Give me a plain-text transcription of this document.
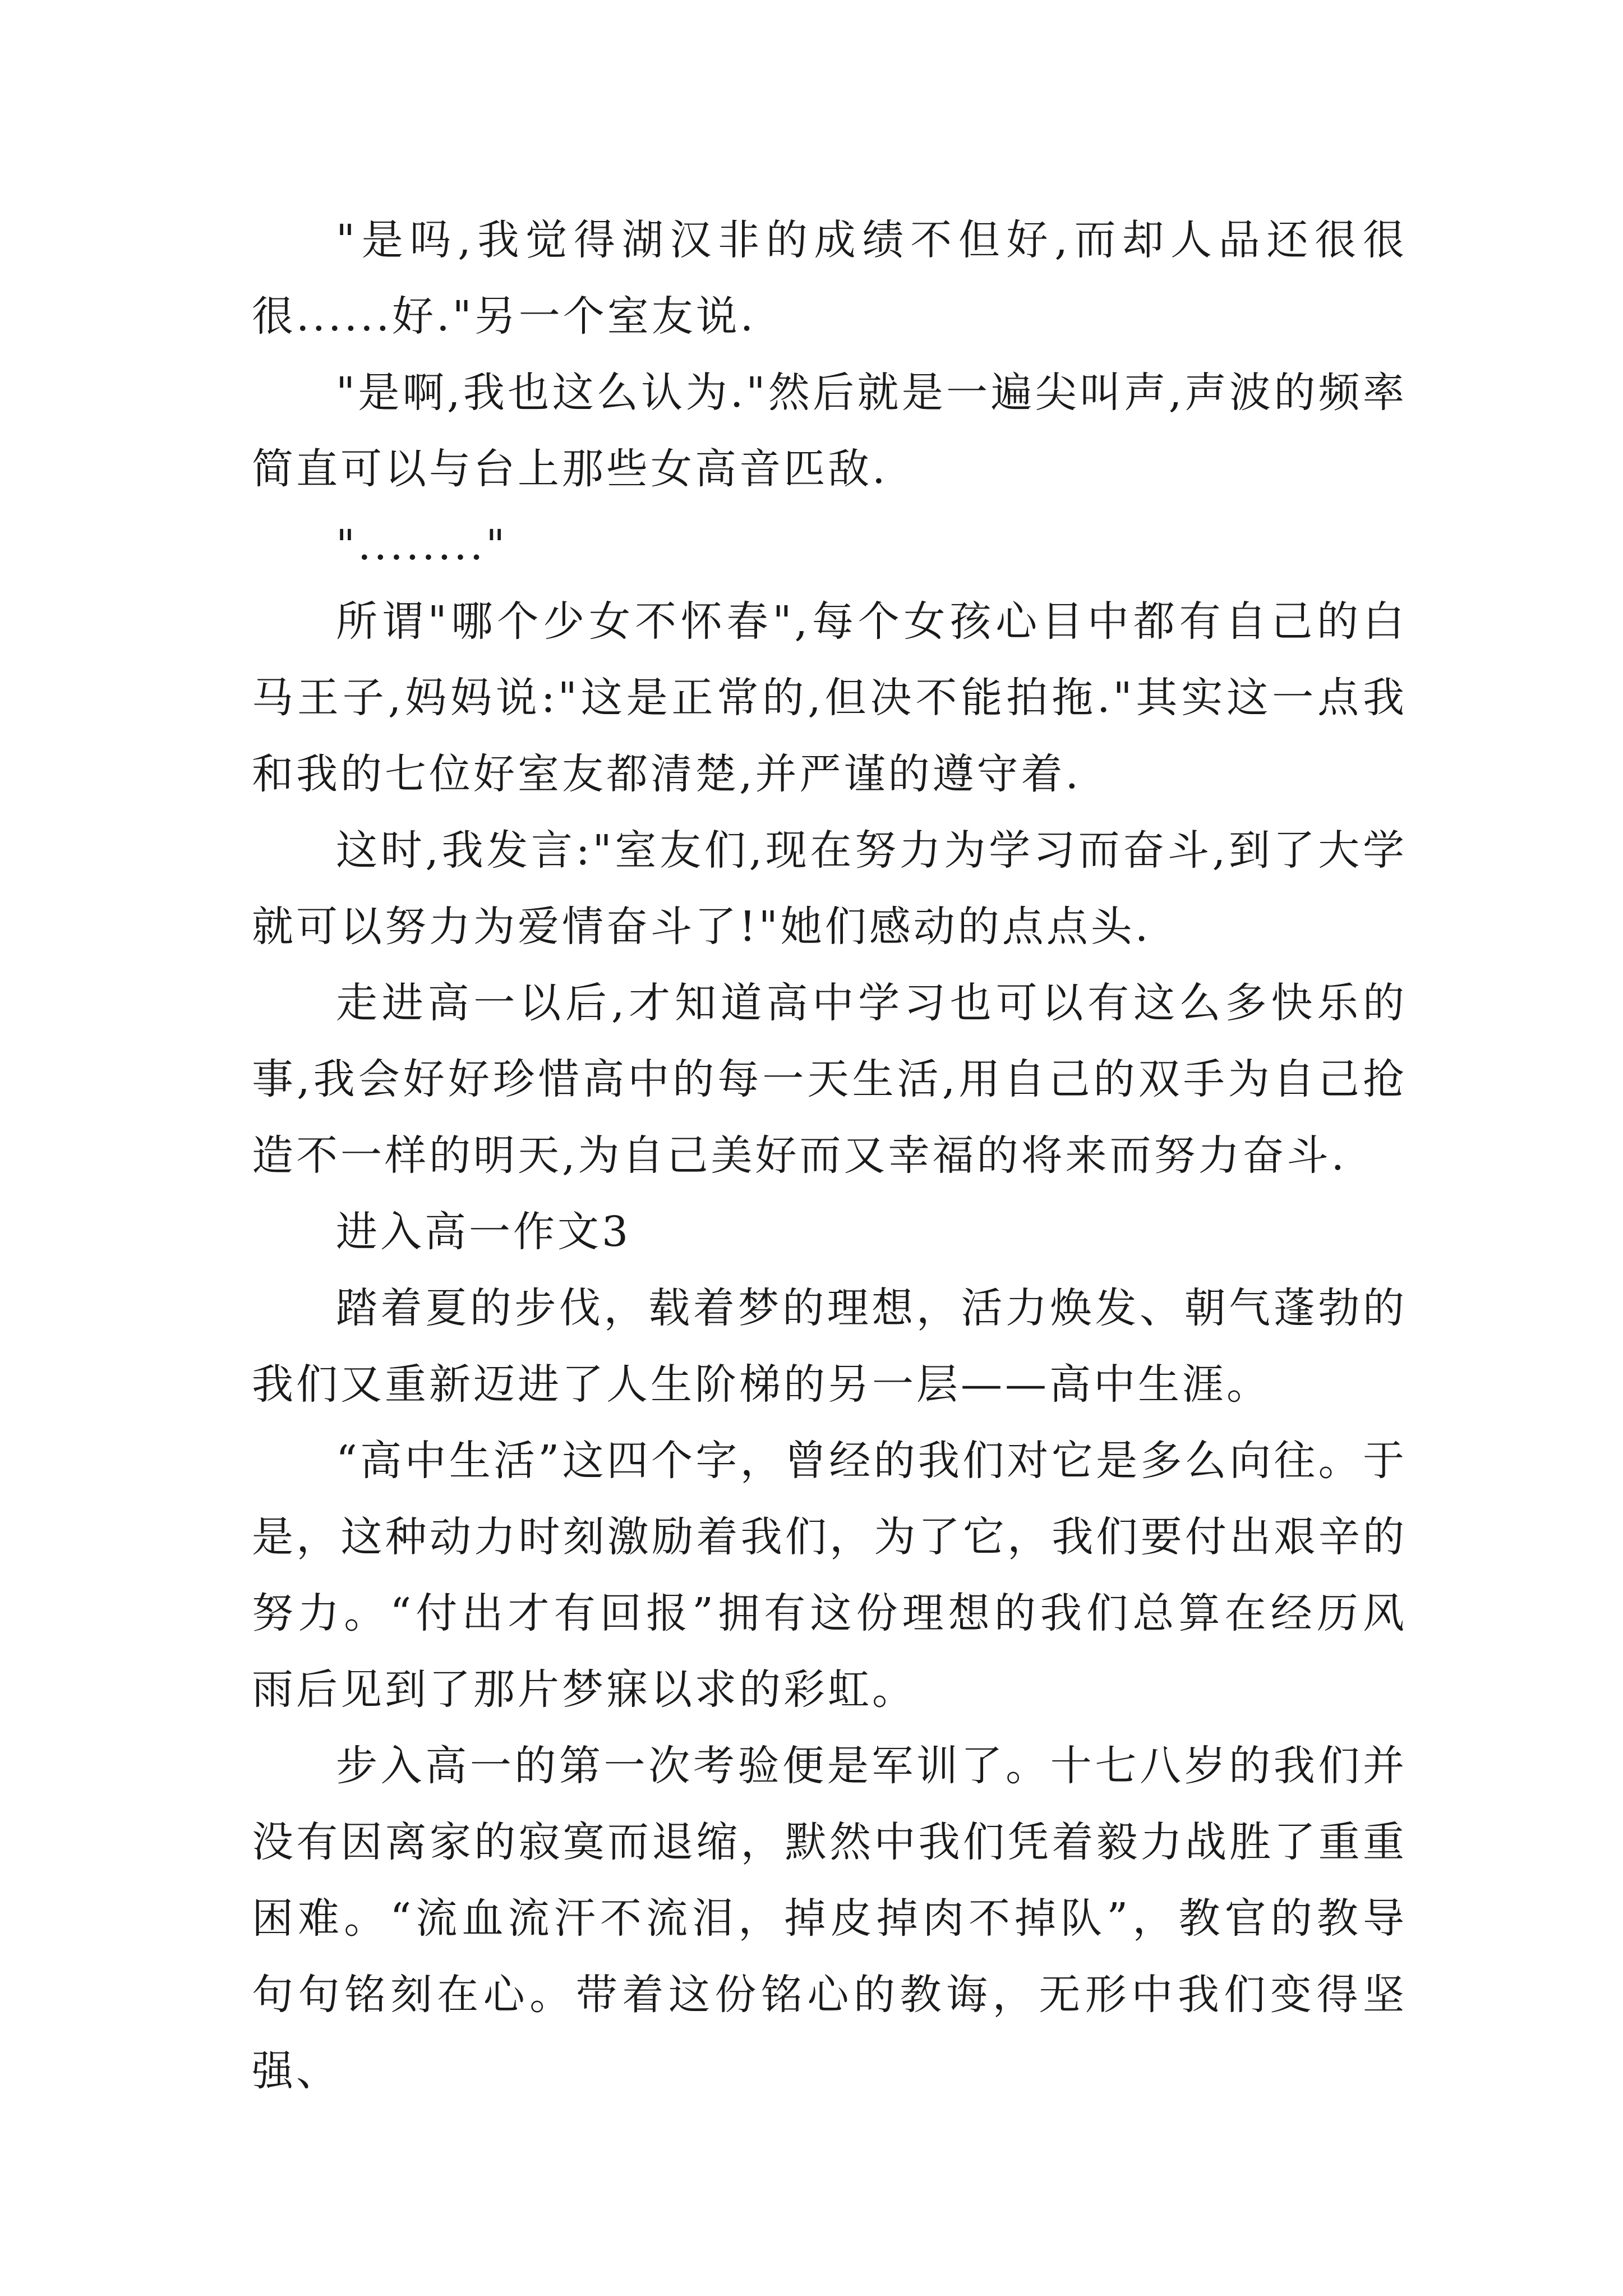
"是吗,我觉得湖汉非的成绩不但好,而却人品还很很很......好."另一个室友说.

"是啊,我也这么认为."然后就是一遍尖叫声,声波的频率简直可以与台上那些女高音匹敌.

"........"

所谓"哪个少女不怀春",每个女孩心目中都有自己的白马王子,妈妈说:"这是正常的,但决不能拍拖."其实这一点我和我的七位好室友都清楚,并严谨的遵守着.

这时,我发言:"室友们,现在努力为学习而奋斗,到了大学就可以努力为爱情奋斗了!"她们感动的点点头.

走进高一以后,才知道高中学习也可以有这么多快乐的事,我会好好珍惜高中的每一天生活,用自己的双手为自己抢造不一样的明天,为自己美好而又幸福的将来而努力奋斗.

进入高一作文3

踏着夏的步伐，载着梦的理想，活力焕发、朝气蓬勃的我们又重新迈进了人生阶梯的另一层——高中生涯。

“高中生活”这四个字，曾经的我们对它是多么向往。于是，这种动力时刻激励着我们，为了它，我们要付出艰辛的努力。“付出才有回报”拥有这份理想的我们总算在经历风雨后见到了那片梦寐以求的彩虹。

步入高一的第一次考验便是军训了。十七八岁的我们并没有因离家的寂寞而退缩，默然中我们凭着毅力战胜了重重困难。“流血流汗不流泪，掉皮掉肉不掉队”，教官的教导句句铭刻在心。带着这份铭心的教诲，无形中我们变得坚强、
